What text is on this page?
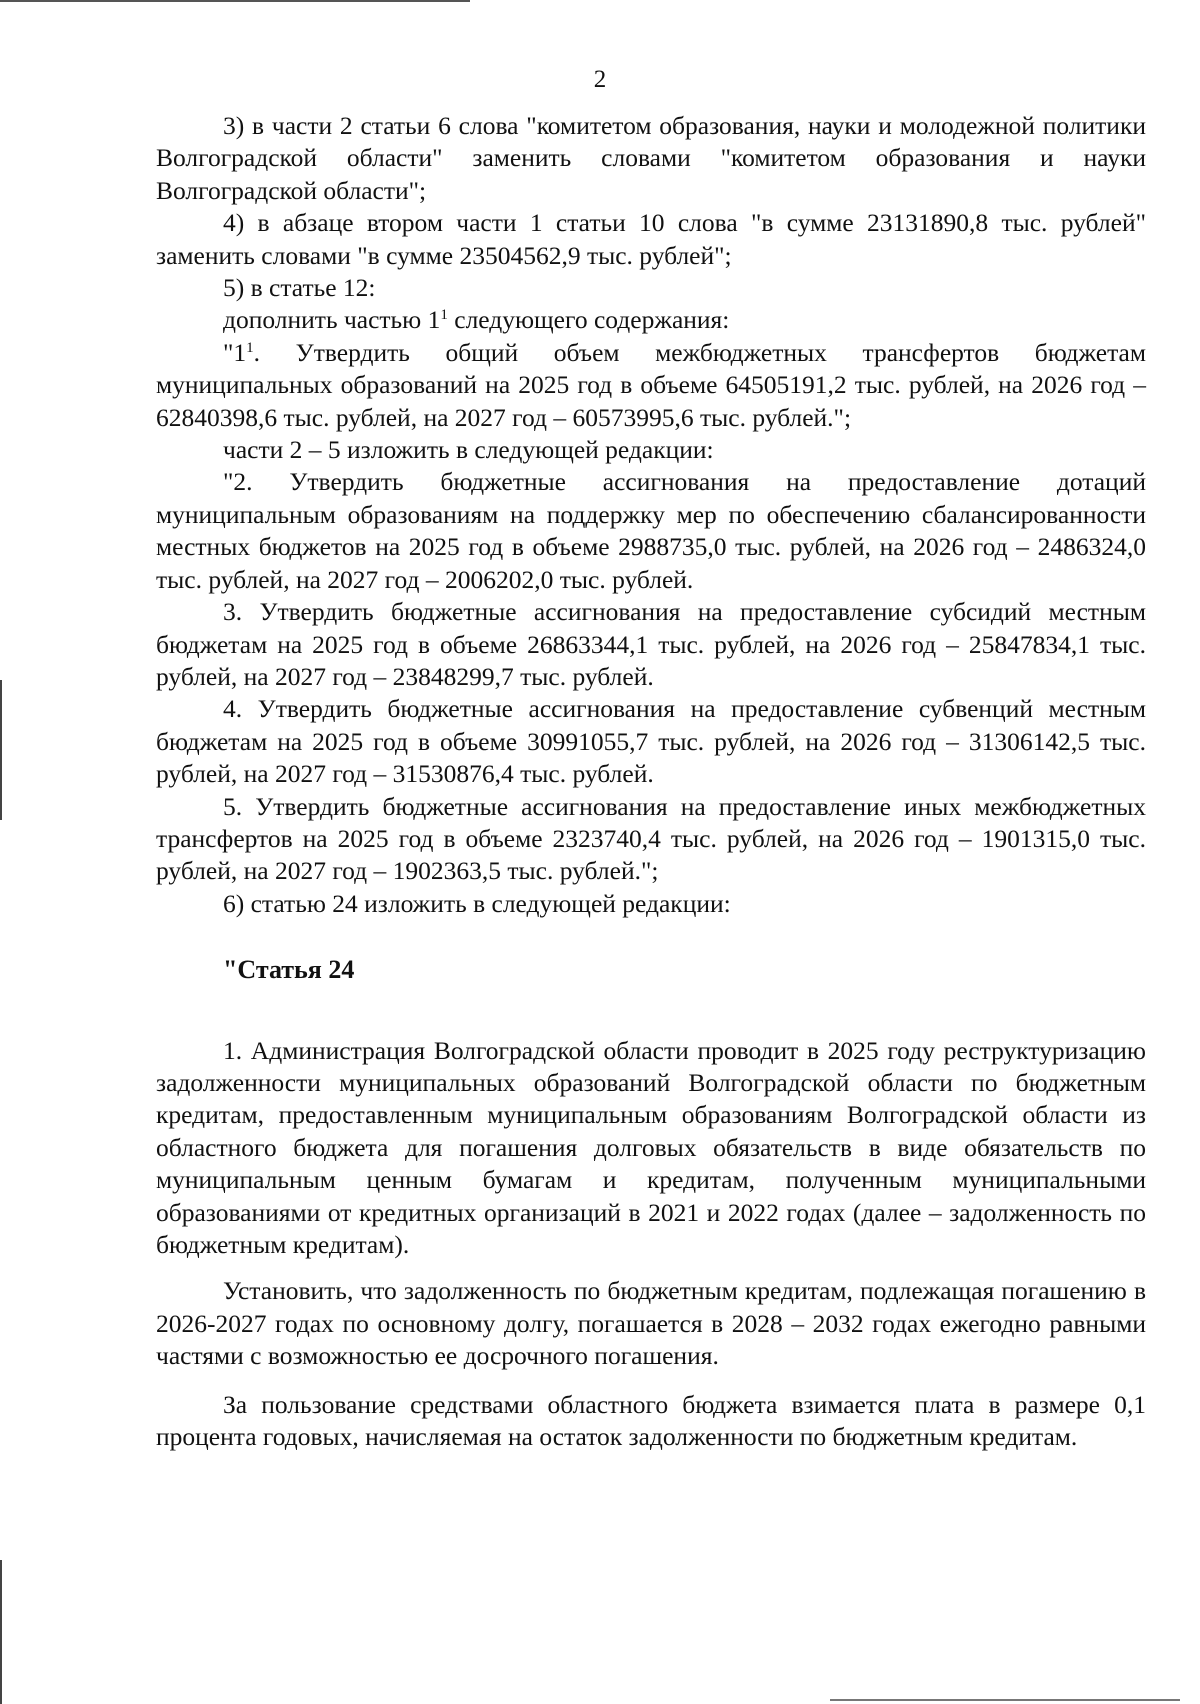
2

3) в части 2 статьи 6 слова "комитетом образования, науки и молодежной политики Волгоградской области" заменить словами "комитетом образования и науки Волгоградской области";

4) в абзаце втором части 1 статьи 10 слова "в сумме 23131890,8 тыс. рублей" заменить словами "в сумме 23504562,9 тыс. рублей";

5) в статье 12:

дополнить частью $1^1$ следующего содержания:

"$1^1$. Утвердить общий объем межбюджетных трансфертов бюджетам муниципальных образований на 2025 год в объеме 64505191,2 тыс. рублей, на 2026 год – 62840398,6 тыс. рублей, на 2027 год – 60573995,6 тыс. рублей.";

части 2 – 5 изложить в следующей редакции:

"2. Утвердить бюджетные ассигнования на предоставление дотаций муниципальным образованиям на поддержку мер по обеспечению сбалансированности местных бюджетов на 2025 год в объеме 2988735,0 тыс. рублей, на 2026 год – 2486324,0 тыс. рублей, на 2027 год – 2006202,0 тыс. рублей.

3. Утвердить бюджетные ассигнования на предоставление субсидий местным бюджетам на 2025 год в объеме 26863344,1 тыс. рублей, на 2026 год – 25847834,1 тыс. рублей, на 2027 год – 23848299,7 тыс. рублей.

4. Утвердить бюджетные ассигнования на предоставление субвенций местным бюджетам на 2025 год в объеме 30991055,7 тыс. рублей, на 2026 год – 31306142,5 тыс. рублей, на 2027 год – 31530876,4 тыс. рублей.

5. Утвердить бюджетные ассигнования на предоставление иных межбюджетных трансфертов на 2025 год в объеме 2323740,4 тыс. рублей, на 2026 год – 1901315,0 тыс. рублей, на 2027 год – 1902363,5 тыс. рублей.";

6) статью 24 изложить в следующей редакции:

"Статья 24

1. Администрация Волгоградской области проводит в 2025 году реструктуризацию задолженности муниципальных образований Волгоградской области по бюджетным кредитам, предоставленным муниципальным образованиям Волгоградской области из областного бюджета для погашения долговых обязательств в виде обязательств по муниципальным ценным бумагам и кредитам, полученным муниципальными образованиями от кредитных организаций в 2021 и 2022 годах (далее – задолженность по бюджетным кредитам).

Установить, что задолженность по бюджетным кредитам, подлежащая погашению в 2026-2027 годах по основному долгу, погашается в 2028 – 2032 годах ежегодно равными частями с возможностью ее досрочного погашения.

За пользование средствами областного бюджета взимается плата в размере 0,1 процента годовых, начисляемая на остаток задолженности по бюджетным кредитам.
